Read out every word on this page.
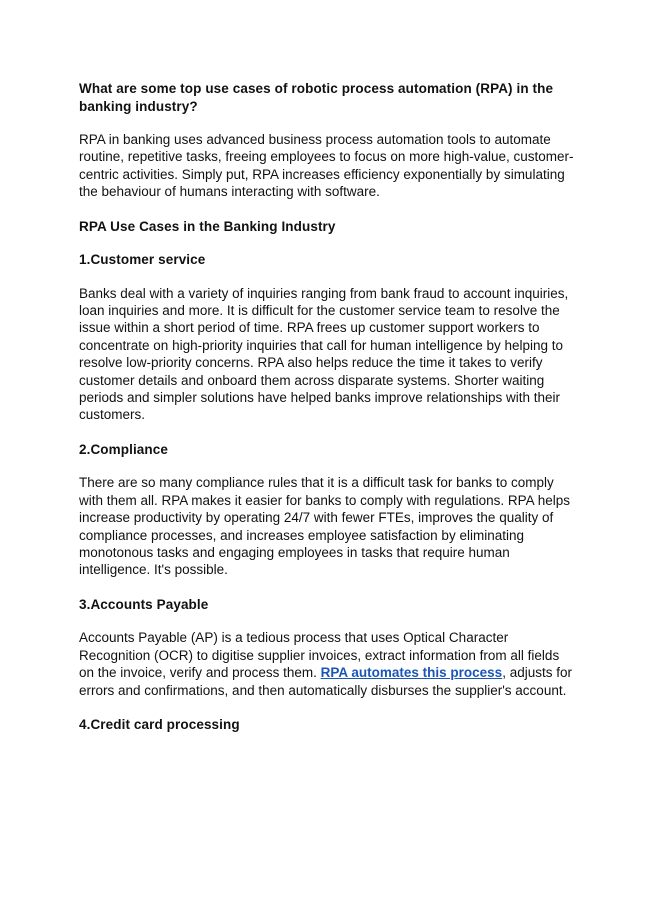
What are some top use cases of robotic process automation (RPA) in the banking industry?
RPA in banking uses advanced business process automation tools to automate routine, repetitive tasks, freeing employees to focus on more high-value, customer-centric activities. Simply put, RPA increases efficiency exponentially by simulating the behaviour of humans interacting with software.
RPA Use Cases in the Banking Industry
1.Customer service
Banks deal with a variety of inquiries ranging from bank fraud to account inquiries, loan inquiries and more. It is difficult for the customer service team to resolve the issue within a short period of time. RPA frees up customer support workers to concentrate on high-priority inquiries that call for human intelligence by helping to resolve low-priority concerns. RPA also helps reduce the time it takes to verify customer details and onboard them across disparate systems. Shorter waiting periods and simpler solutions have helped banks improve relationships with their customers.
2.Compliance
There are so many compliance rules that it is a difficult task for banks to comply with them all. RPA makes it easier for banks to comply with regulations. RPA helps increase productivity by operating 24/7 with fewer FTEs, improves the quality of compliance processes, and increases employee satisfaction by eliminating monotonous tasks and engaging employees in tasks that require human intelligence. It's possible.
3.Accounts Payable
Accounts Payable (AP) is a tedious process that uses Optical Character Recognition (OCR) to digitise supplier invoices, extract information from all fields on the invoice, verify and process them. RPA automates this process, adjusts for errors and confirmations, and then automatically disburses the supplier's account.
4.Credit card processing
